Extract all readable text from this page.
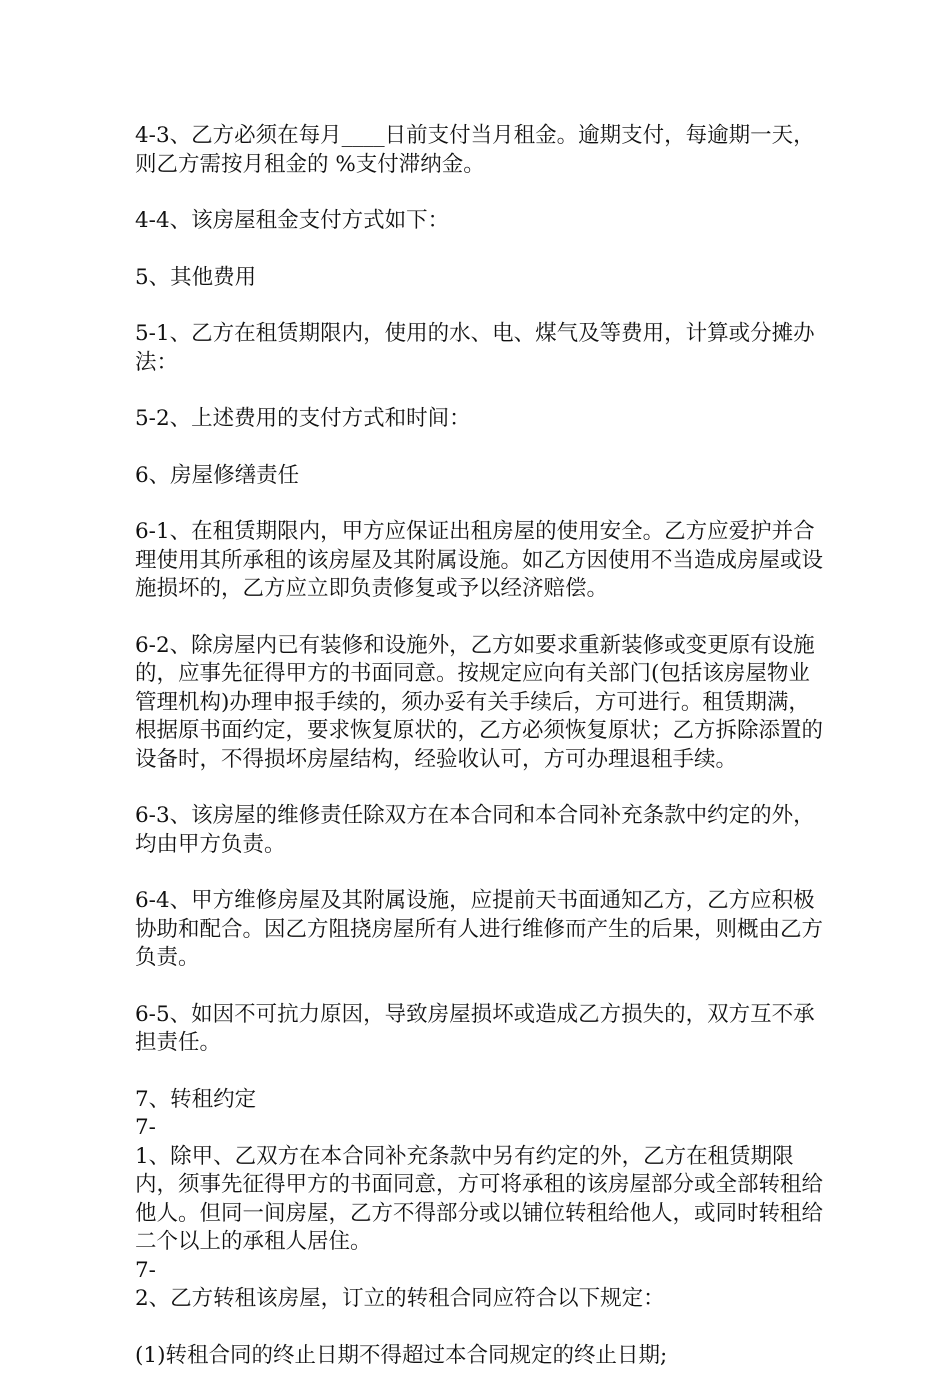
4-3、乙方必须在每月____日前支付当月租金。逾期支付，每逾期一天，则乙方需按月租金的 %支付滞纳金。

4-4、该房屋租金支付方式如下：

5、其他费用

5-1、乙方在租赁期限内，使用的水、电、煤气及等费用，计算或分摊办法：

5-2、上述费用的支付方式和时间：

6、房屋修缮责任

6-1、在租赁期限内，甲方应保证出租房屋的使用安全。乙方应爱护并合理使用其所承租的该房屋及其附属设施。如乙方因使用不当造成房屋或设施损坏的，乙方应立即负责修复或予以经济赔偿。

6-2、除房屋内已有装修和设施外，乙方如要求重新装修或变更原有设施的，应事先征得甲方的书面同意。按规定应向有关部门(包括该房屋物业管理机构)办理申报手续的，须办妥有关手续后，方可进行。租赁期满，根据原书面约定，要求恢复原状的，乙方必须恢复原状；乙方拆除添置的设备时，不得损坏房屋结构，经验收认可，方可办理退租手续。

6-3、该房屋的维修责任除双方在本合同和本合同补充条款中约定的外，均由甲方负责。

6-4、甲方维修房屋及其附属设施，应提前天书面通知乙方，乙方应积极协助和配合。因乙方阻挠房屋所有人进行维修而产生的后果，则概由乙方负责。

6-5、如因不可抗力原因，导致房屋损坏或造成乙方损失的，双方互不承担责任。

7、转租约定

7-

1、除甲、乙双方在本合同补充条款中另有约定的外，乙方在租赁期限内，须事先征得甲方的书面同意，方可将承租的该房屋部分或全部转租给他人。但同一间房屋，乙方不得部分或以铺位转租给他人，或同时转租给二个以上的承租人居住。

7-

2、乙方转租该房屋，订立的转租合同应符合以下规定：

(1)转租合同的终止日期不得超过本合同规定的终止日期;
